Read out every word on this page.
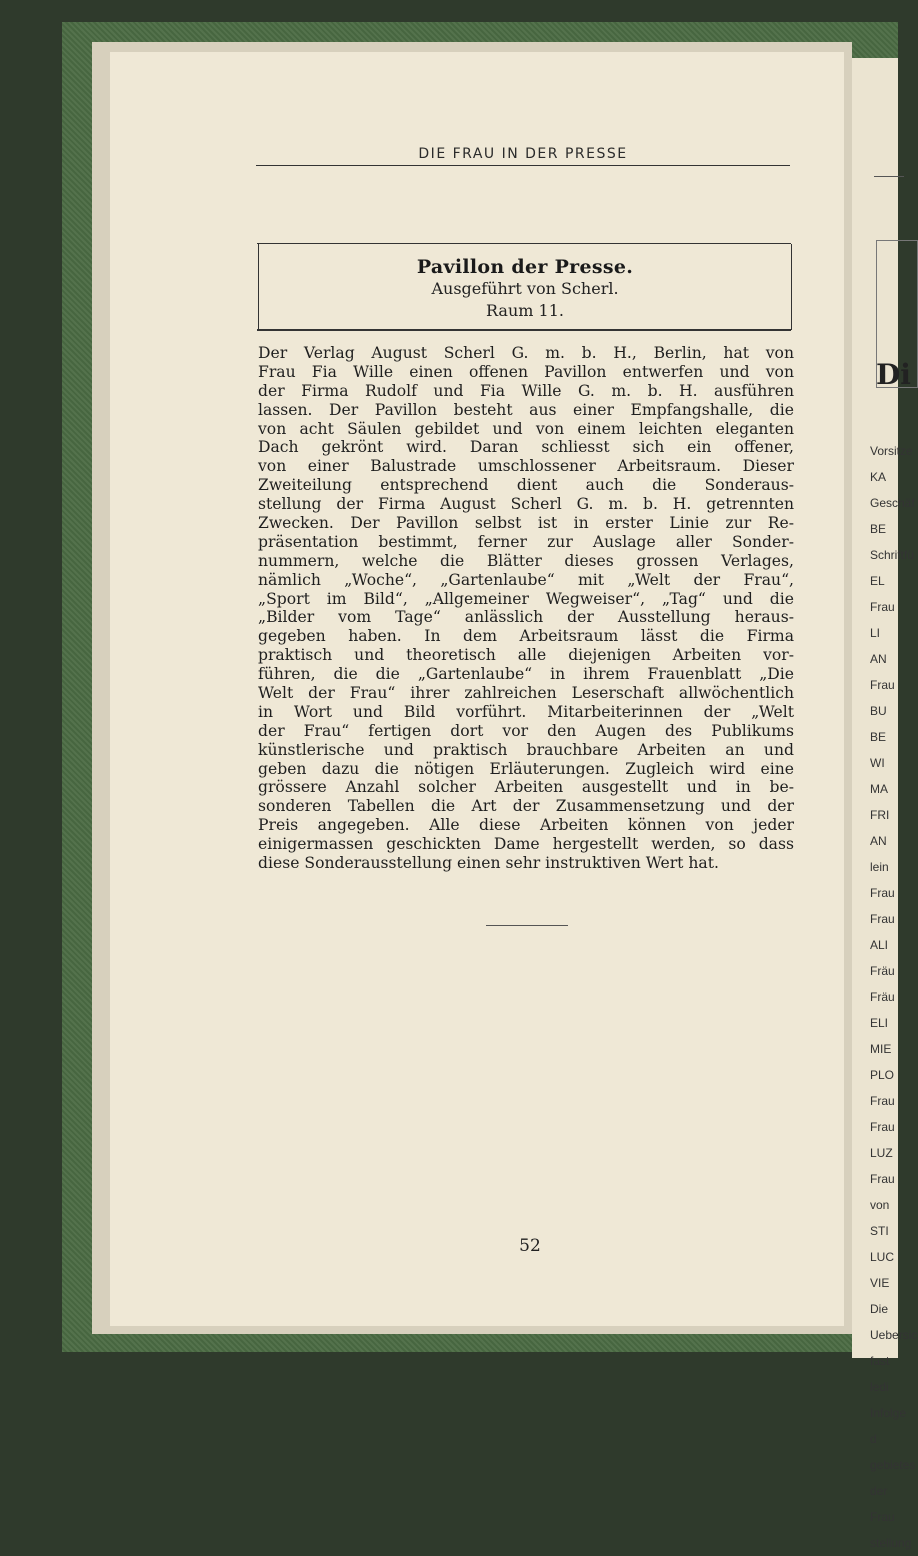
Di
Vorsitze
KA
Geschäf
BE
Schriftfü
EL
Frau LI
AN
Frau
BU
BE
WI
MA
FRI
AN
lein
Frau
Frau
ALI
Fräu
Fräu
ELI
MIE
PLO
Frau
Frau
LUZ
Frau
von
STI
LUC
VIE
Die
Uebersic
fast ledi
Infolge d
gebietes
der Frau
stellung
DIE FRAU IN DER PRESSE
Pavillon der Presse.
Ausgeführt von Scherl.
Raum 11.
Der Verlag August Scherl G. m. b. H., Berlin, hat von
Frau Fia Wille einen offenen Pavillon entwerfen und von
der Firma Rudolf und Fia Wille G. m. b. H. ausführen
lassen. Der Pavillon besteht aus einer Empfangshalle, die
von acht Säulen gebildet und von einem leichten eleganten
Dach gekrönt wird. Daran schliesst sich ein offener,
von einer Balustrade umschlossener Arbeitsraum. Dieser
Zweiteilung entsprechend dient auch die Sonderaus-
stellung der Firma August Scherl G. m. b. H. getrennten
Zwecken. Der Pavillon selbst ist in erster Linie zur Re-
präsentation bestimmt, ferner zur Auslage aller Sonder-
nummern, welche die Blätter dieses grossen Verlages,
nämlich „Woche“, „Gartenlaube“ mit „Welt der Frau“,
„Sport im Bild“, „Allgemeiner Wegweiser“, „Tag“ und die
„Bilder vom Tage“ anlässlich der Ausstellung heraus-
gegeben haben. In dem Arbeitsraum lässt die Firma
praktisch und theoretisch alle diejenigen Arbeiten vor-
führen, die die „Gartenlaube“ in ihrem Frauenblatt „Die
Welt der Frau“ ihrer zahlreichen Leserschaft allwöchentlich
in Wort und Bild vorführt. Mitarbeiterinnen der „Welt
der Frau“ fertigen dort vor den Augen des Publikums
künstlerische und praktisch brauchbare Arbeiten an und
geben dazu die nötigen Erläuterungen. Zugleich wird eine
grössere Anzahl solcher Arbeiten ausgestellt und in be-
sonderen Tabellen die Art der Zusammensetzung und der
Preis angegeben. Alle diese Arbeiten können von jeder
einigermassen geschickten Dame hergestellt werden, so dass
diese Sonderausstellung einen sehr instruktiven Wert hat.
52
